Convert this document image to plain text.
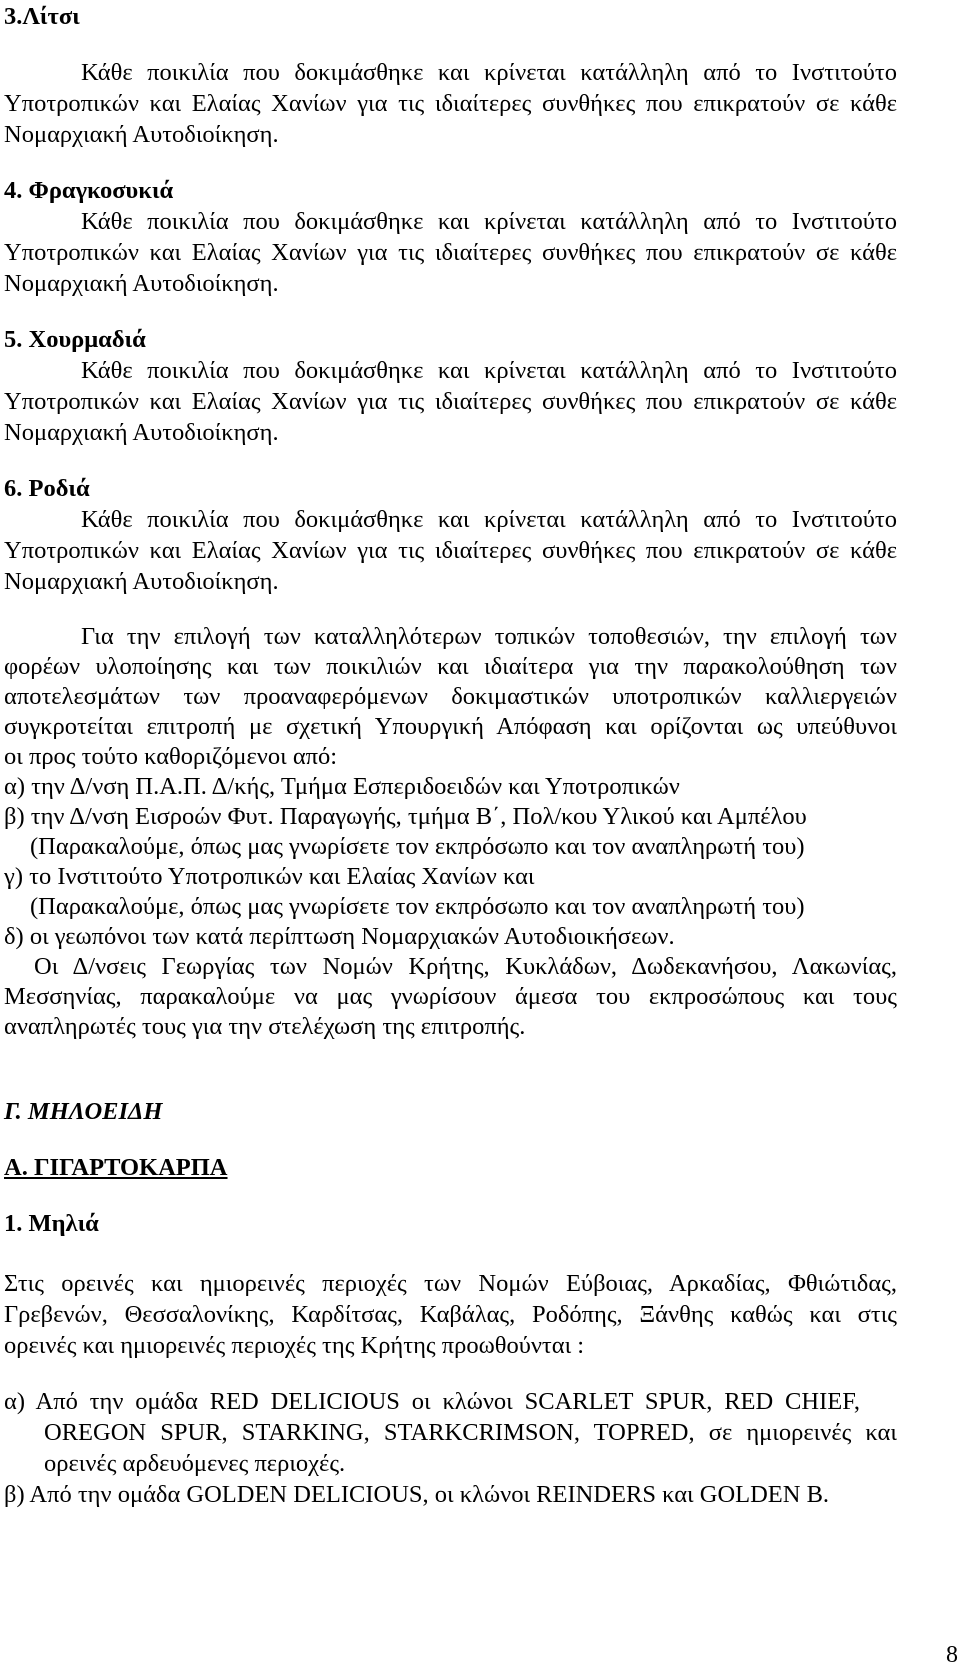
3.Λίτσι
Κάθε ποικιλία που δοκιμάσθηκε και κρίνεται κατάλληλη από το Ινστιτούτο
Υποτροπικών και Ελαίας Χανίων για τις ιδιαίτερες συνθήκες που επικρατούν σε κάθε
Νομαρχιακή Αυτοδιοίκηση.
4. Φραγκοσυκιά
Κάθε ποικιλία που δοκιμάσθηκε και κρίνεται κατάλληλη από το Ινστιτούτο
Υποτροπικών και Ελαίας Χανίων για τις ιδιαίτερες συνθήκες που επικρατούν σε κάθε
Νομαρχιακή Αυτοδιοίκηση.
5. Χουρμαδιά
Κάθε ποικιλία που δοκιμάσθηκε και κρίνεται κατάλληλη από το Ινστιτούτο
Υποτροπικών και Ελαίας Χανίων για τις ιδιαίτερες συνθήκες που επικρατούν σε κάθε
Νομαρχιακή Αυτοδιοίκηση.
6. Ροδιά
Κάθε ποικιλία που δοκιμάσθηκε και κρίνεται κατάλληλη από το Ινστιτούτο
Υποτροπικών και Ελαίας Χανίων για τις ιδιαίτερες συνθήκες που επικρατούν σε κάθε
Νομαρχιακή Αυτοδιοίκηση.
Για την επιλογή των καταλληλότερων τοπικών τοποθεσιών, την επιλογή των
φορέων υλοποίησης και των ποικιλιών και ιδιαίτερα για την παρακολούθηση των
αποτελεσμάτων των προαναφερόμενων δοκιμαστικών υποτροπικών καλλιεργειών
συγκροτείται επιτροπή με σχετική Υπουργική Απόφαση και ορίζονται ως υπεύθυνοι
οι προς τούτο καθοριζόμενοι από:
α) την Δ/νση Π.Α.Π. Δ/κής, Τμήμα Εσπεριδοειδών και Υποτροπικών
β) την Δ/νση Εισροών Φυτ. Παραγωγής, τμήμα Β΄, Πολ/κου Υλικού και Αμπέλου
(Παρακαλούμε, όπως μας γνωρίσετε τον εκπρόσωπο και τον αναπληρωτή του)
γ) το Ινστιτούτο Υποτροπικών και Ελαίας Χανίων και
(Παρακαλούμε, όπως μας γνωρίσετε τον εκπρόσωπο και τον αναπληρωτή του)
δ) οι γεωπόνοι των κατά περίπτωση Νομαρχιακών Αυτοδιοικήσεων.
Οι Δ/νσεις Γεωργίας των Νομών Κρήτης, Κυκλάδων, Δωδεκανήσου, Λακωνίας,
Μεσσηνίας, παρακαλούμε να μας γνωρίσουν άμεσα του εκπροσώπους και τους
αναπληρωτές τους για την στελέχωση της επιτροπής.
Γ. ΜΗΛΟΕΙΔΗ
Α. ΓΙΓΑΡΤΟΚΑΡΠΑ
1. Μηλιά
Στις ορεινές και ημιορεινές περιοχές των Νομών Εύβοιας, Αρκαδίας, Φθιώτιδας,
Γρεβενών, Θεσσαλονίκης, Καρδίτσας, Καβάλας, Ροδόπης, Ξάνθης καθώς και στις
ορεινές και ημιορεινές περιοχές της Κρήτης προωθούνται :
α) Από την ομάδα RED DELICIOUS οι κλώνοι SCARLET SPUR, RED CHIEF,
OREGON SPUR, STARKING, STARKCRIMSON, TOPRED, σε ημιορεινές και
ορεινές αρδευόμενες περιοχές.
β) Από την ομάδα GOLDEN DELICIOUS, οι κλώνοι REINDERS και GOLDEN B.
8
